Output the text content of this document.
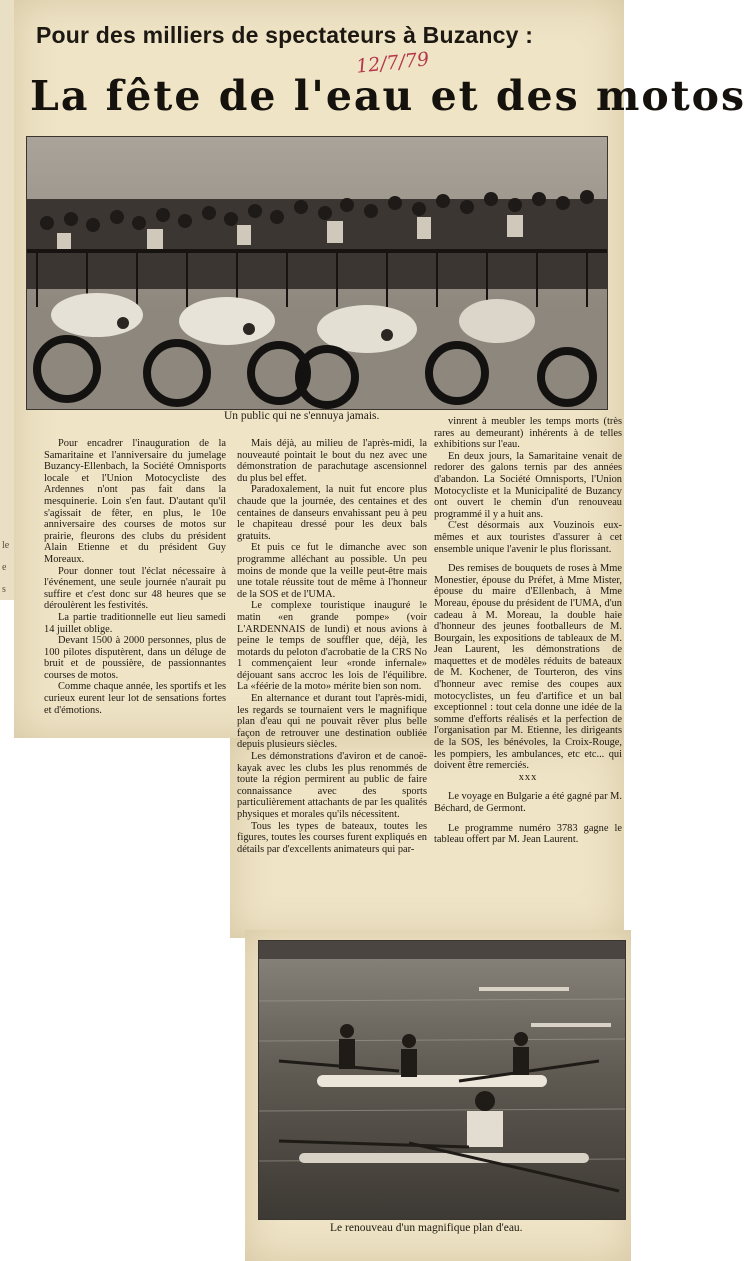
le
e
s
Pour des milliers de spectateurs à Buzancy :
12/7/79
La fête de l'eau et des motos
Un public qui ne s'ennuya jamais.

Pour encadrer l'inauguration de la Samaritaine et l'anniversaire du jumelage Buzancy-Ellenbach, la Société Omnisports locale et l'Union Motocycliste des Ardennes n'ont pas fait dans la mesquinerie. Loin s'en faut. D'autant qu'il s'agissait de fêter, en plus, le 10e anniversaire des courses de motos sur prairie, fleurons des clubs du président Alain Etienne et du président Guy Moreaux.

Pour donner tout l'éclat nécessaire à l'événement, une seule journée n'aurait pu suffire et c'est donc sur 48 heures que se déroulèrent les festivités.

La partie traditionnelle eut lieu samedi 14 juillet oblige.

Devant 1500 à 2000 personnes, plus de 100 pilotes disputèrent, dans un déluge de bruit et de poussière, de passionnantes courses de motos.

Comme chaque année, les sportifs et les curieux eurent leur lot de sensations fortes et d'émotions.

Mais déjà, au milieu de l'après-midi, la nouveauté pointait le bout du nez avec une démonstration de parachutage ascensionnel du plus bel effet.

Paradoxalement, la nuit fut encore plus chaude que la journée, des centaines et des centaines de danseurs envahissant peu à peu le chapiteau dressé pour les deux bals gratuits.

Et puis ce fut le dimanche avec son programme alléchant au possible. Un peu moins de monde que la veille peut-être mais une totale réussite tout de même à l'honneur de la SOS et de l'UMA.

Le complexe touristique inauguré le matin «en grande pompe» (voir L'ARDENNAIS de lundi) et nous avions à peine le temps de souffler que, déjà, les motards du peloton d'acrobatie de la CRS No 1 commençaient leur «ronde infernale» déjouant sans accroc les lois de l'équilibre. La «féérie de la moto» mérite bien son nom.

En alternance et durant tout l'après-midi, les regards se tournaient vers le magnifique plan d'eau qui ne pouvait rêver plus belle façon de retrouver une destination oubliée depuis plusieurs siècles.

Les démonstrations d'aviron et de canoë-kayak avec les clubs les plus renommés de toute la région permirent au public de faire connaissance avec des sports particulièrement attachants de par les qualités physiques et morales qu'ils nécessitent.

Tous les types de bateaux, toutes les figures, toutes les courses furent expliqués en détails par d'excellents animateurs qui par-

vinrent à meubler les temps morts (très rares au demeurant) inhérents à de telles exhibitions sur l'eau.

En deux jours, la Samaritaine venait de redorer des galons ternis par des années d'abandon. La Société Omnisports, l'Union Motocycliste et la Municipalité de Buzancy ont ouvert le chemin d'un renouveau programmé il y a huit ans.

C'est désormais aux Vouzinois eux-mêmes et aux touristes d'assurer à cet ensemble unique l'avenir le plus florissant.

Des remises de bouquets de roses à Mme Monestier, épouse du Préfet, à Mme Mister, épouse du maire d'Ellenbach, à Mme Moreau, épouse du président de l'UMA, d'un cadeau à M. Moreau, la double haie d'honneur des jeunes footballeurs de M. Bourgain, les expositions de tableaux de M. Jean Laurent, les démonstrations de maquettes et de modèles réduits de bateaux de M. Kochener, de Tourteron, des vins d'honneur avec remise des coupes aux motocyclistes, un feu d'artifice et un bal exceptionnel : tout cela donne une idée de la somme d'efforts réalisés et la perfection de l'organisation par M. Etienne, les dirigeants de la SOS, les bénévoles, la Croix-Rouge, les pompiers, les ambulances, etc etc... qui doivent être remerciés.

xxx

Le voyage en Bulgarie a été gagné par M. Béchard, de Germont.

Le programme numéro 3783 gagne le tableau offert par M. Jean Laurent.

Le renouveau d'un magnifique plan d'eau.
